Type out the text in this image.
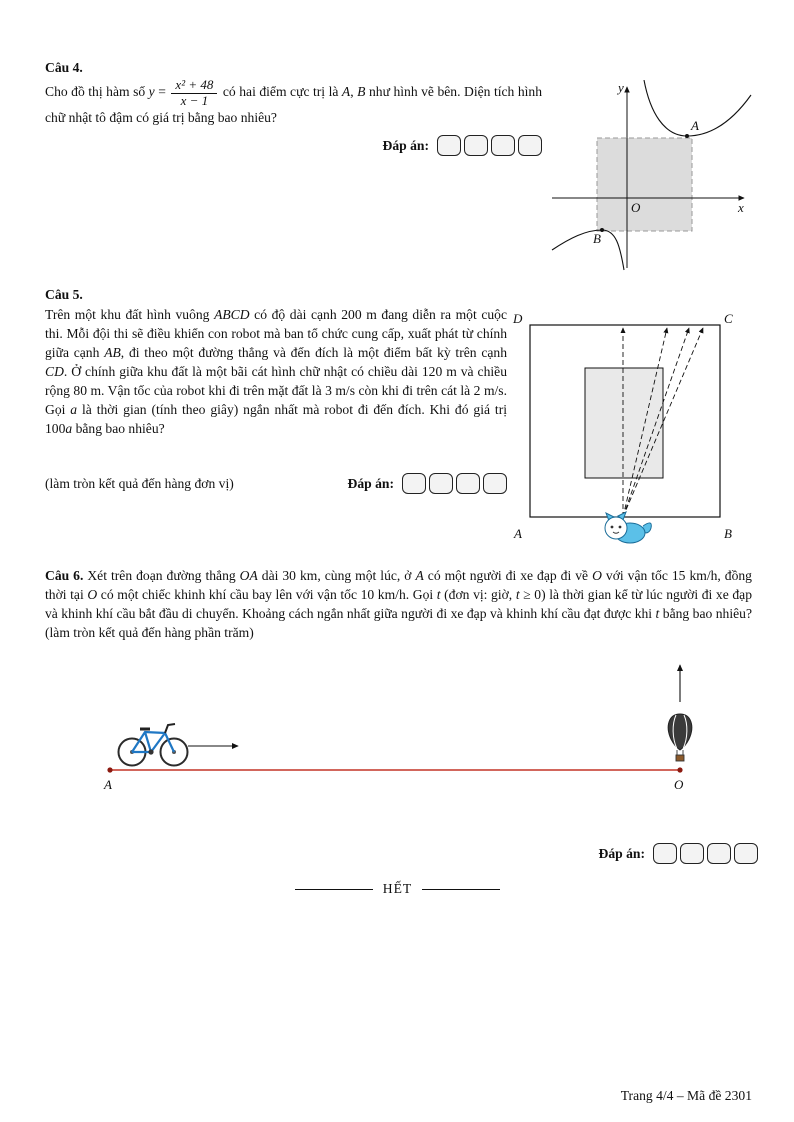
Câu 4.

Cho đồ thị hàm số $y = \frac{\text{x² + 48}}{x - 1}$ có hai điểm cực trị là A, B như hình vẽ bên. Diện tích hình chữ nhật tô đậm có giá trị bằng bao nhiêu?

Đáp án:
y
x
O
A
B
Câu 5.

Trên một khu đất hình vuông ABCD có độ dài cạnh 200 m đang diễn ra một cuộc thi. Mỗi đội thi sẽ điều khiển con robot mà ban tổ chức cung cấp, xuất phát từ chính giữa cạnh AB, đi theo một đường thẳng và đến đích là một điểm bất kỳ trên cạnh CD. Ở chính giữa khu đất là một bãi cát hình chữ nhật có chiều dài 120 m và chiều rộng 80 m. Vận tốc của robot khi đi trên mặt đất là 3 m/s còn khi đi trên cát là 2 m/s. Gọi a là thời gian (tính theo giây) ngắn nhất mà robot đi đến đích. Khi đó giá trị 100a bằng bao nhiêu?

(làm tròn kết quả đến hàng đơn vị)	Đáp án:
D	C
A	B

Câu 6. Xét trên đoạn đường thẳng OA dài 30 km, cùng một lúc, ở A có một người đi xe đạp đi về O với vận tốc 15 km/h, đồng thời tại O có một chiếc khinh khí cầu bay lên với vận tốc 10 km/h. Gọi t (đơn vị: giờ, t ≥ 0) là thời gian kể từ lúc người đi xe đạp và khinh khí cầu bắt đầu di chuyển. Khoảng cách ngắn nhất giữa người đi xe đạp và khinh khí cầu đạt được khi t bằng bao nhiêu? (làm tròn kết quả đến hàng phần trăm)

A	O
Đáp án:
HẾT
Trang 4/4 – Mã đề 2301
